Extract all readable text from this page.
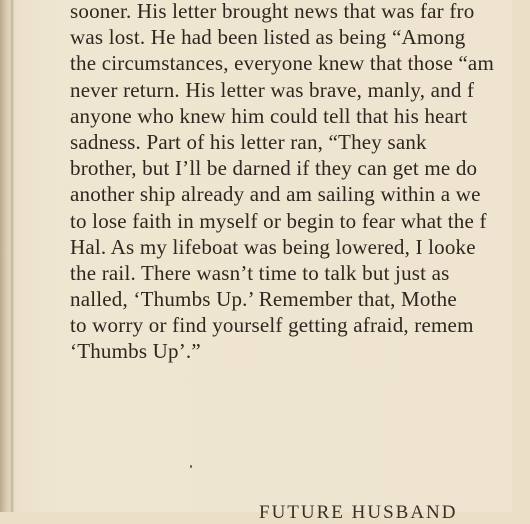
sooner. His letter brought news that was far fro
was lost. He had been listed as being “Among
the circumstances, everyone knew that those “am
never return. His letter was brave, manly, and f
anyone who knew him could tell that his heart
sadness. Part of his letter ran, “They sank
brother, but I’ll be darned if they can get me do
another ship already and am sailing within a we
to lose faith in myself or begin to fear what the f
Hal. As my lifeboat was being lowered, I looke
the rail. There wasn’t time to talk but just as
nalled, ‘Thumbs Up.’ Remember that, Mothe
to worry or find yourself getting afraid, remem
‘Thumbs Up’.”
FUTURE HUSBAND
